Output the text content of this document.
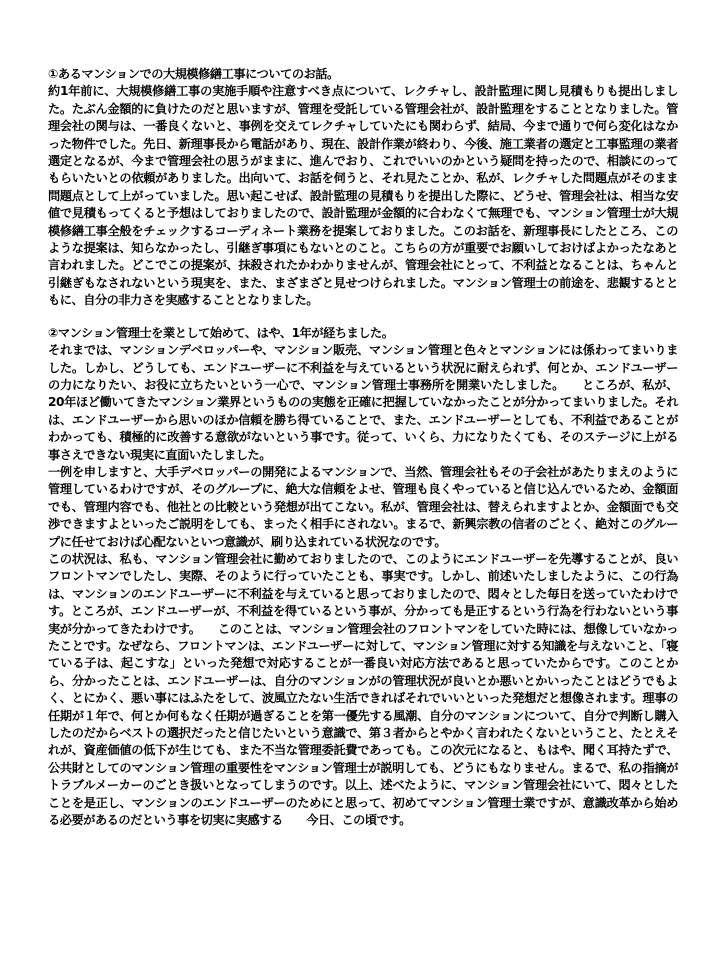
①あるマンションでの大規模修繕工事についてのお話。
約1年前に、大規模修繕工事の実施手順や注意すべき点について、レクチャし、設計監理に関し見積もりも提出しました。たぶん金額的に負けたのだと思いますが、管理を受託している管理会社が、設計監理をすることとなりました。管理会社の関与は、一番良くないと、事例を交えてレクチャしていたにも関わらず、結局、今まで通りで何ら変化はなかった物件でした。先日、新理事長から電話があり、現在、設計作業が終わり、今後、施工業者の選定と工事監理の業者選定となるが、今まで管理会社の思うがままに、進んでおり、これでいいのかという疑問を持ったので、相談にのってもらいたいとの依頼がありました。出向いて、お話を伺うと、それ見たことか、私が、レクチャした問題点がそのまま問題点として上がっていました。思い起こせば、設計監理の見積もりを提出した際に、どうせ、管理会社は、相当な安値で見積もってくると予想はしておりましたので、設計監理が金額的に合わなくて無理でも、マンション管理士が大規模修繕工事全般をチェックするコーディネート業務を提案しておりました。このお話を、新理事長にしたところ、このような提案は、知らなかったし、引継ぎ事項にもないとのこと。こちらの方が重要でお願いしておけばよかったなあと言われました。どこでこの提案が、抹殺されたかわかりませんが、管理会社にとって、不利益となることは、ちゃんと引継ぎもなされないという現実を、また、まざまざと見せつけられました。マンション管理士の前途を、悲観するとともに、自分の非力さを実感することとなりました。
②マンション管理士を業として始めて、はや、1年が経ちました。
それまでは、マンションデベロッパーや、マンション販売、マンション管理と色々とマンションには係わってまいりました。しかし、どうしても、エンドユーザーに不利益を与えているという状況に耐えられず、何とか、エンドユーザーの力になりたい、お役に立ちたいという一心で、マンション管理士事務所を開業いたしました。　　ところが、私が、20年ほど働いてきたマンション業界というものの実態を正確に把握していなかったことが分かってまいりました。それは、エンドユーザーから思いのほか信頼を勝ち得ていることで、また、エンドユーザーとしても、不利益であることがわかっても、積極的に改善する意欲がないという事です。従って、いくら、力になりたくても、そのステージに上がる事さえできない現実に直面いたしました。
一例を申しますと、大手デベロッパーの開発によるマンションで、当然、管理会社もその子会社があたりまえのように管理しているわけですが、そのグループに、絶大な信頼をよせ、管理も良くやっていると信じ込んでいるため、金額面でも、管理内容でも、他社との比較という発想が出てこない。私が、管理会社は、替えられますよとか、金額面でも交渉できますよといったご説明をしても、まったく相手にされない。まるで、新興宗教の信者のごとく、絶対このグループに任せておけば心配ないといつ意識が、刷り込まれている状況なのです。
この状況は、私も、マンション管理会社に勤めておりましたので、このようにエンドユーザーを先導することが、良いフロントマンでしたし、実際、そのように行っていたことも、事実です。しかし、前述いたしましたように、この行為は、マンションのエンドユーザーに不利益を与えていると思っておりましたので、悶々とした毎日を送っていたわけです。ところが、エンドユーザーが、不利益を得ているという事が、分かっても是正するという行為を行わないという事実が分かってきたわけです。　　このことは、マンション管理会社のフロントマンをしていた時には、想像していなかったことです。なぜなら、フロントマンは、エンドユーザーに対して、マンション管理に対する知識を与えないこと、「寝ている子は、起こすな」といった発想で対応することが一番良い対応方法であると思っていたからです。このことから、分かったことは、エンドユーザーは、自分のマンションがの管理状況が良いとか悪いとかいったことはどうでもよく、とにかく、悪い事にはふたをして、波風立たない生活できればそれでいいといった発想だと想像されます。理事の任期が１年で、何とか何もなく任期が過ぎることを第一優先する風潮、自分のマンションについて、自分で判断し購入したのだからベストの選択だったと信じたいという意識で、第３者からとやかく言われたくないということ、たとえそれが、資産価値の低下が生じても、また不当な管理委託費であっても。この次元になると、もはや、聞く耳持たずで、公共財としてのマンション管理の重要性をマンション管理士が説明しても、どうにもなりません。まるで、私の指摘がトラブルメーカーのごとき扱いとなってしまうのです。以上、述べたように、マンション管理会社にいて、悶々としたことを是正し、マンションのエンドユーザーのためにと思って、初めてマンション管理士業ですが、意識改革から始める必要があるのだという事を切実に実感する　　今日、この頃です。
